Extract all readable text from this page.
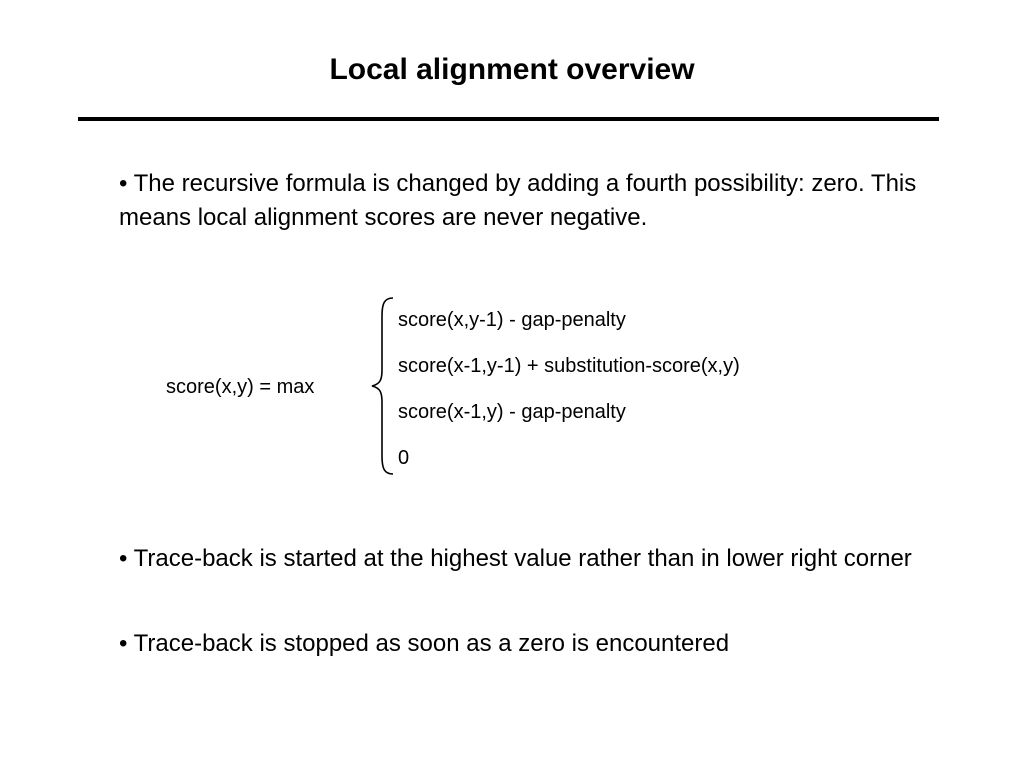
Local alignment overview

• The recursive formula is changed by adding a fourth possibility: zero. This means local alignment scores are never negative.

score(x,y) = max
score(x,y-1) - gap-penalty
score(x-1,y-1) + substitution-score(x,y)
score(x-1,y) - gap-penalty
0

• Trace-back is started at the highest value rather than in lower right corner

• Trace-back is stopped as soon as a zero is encountered
